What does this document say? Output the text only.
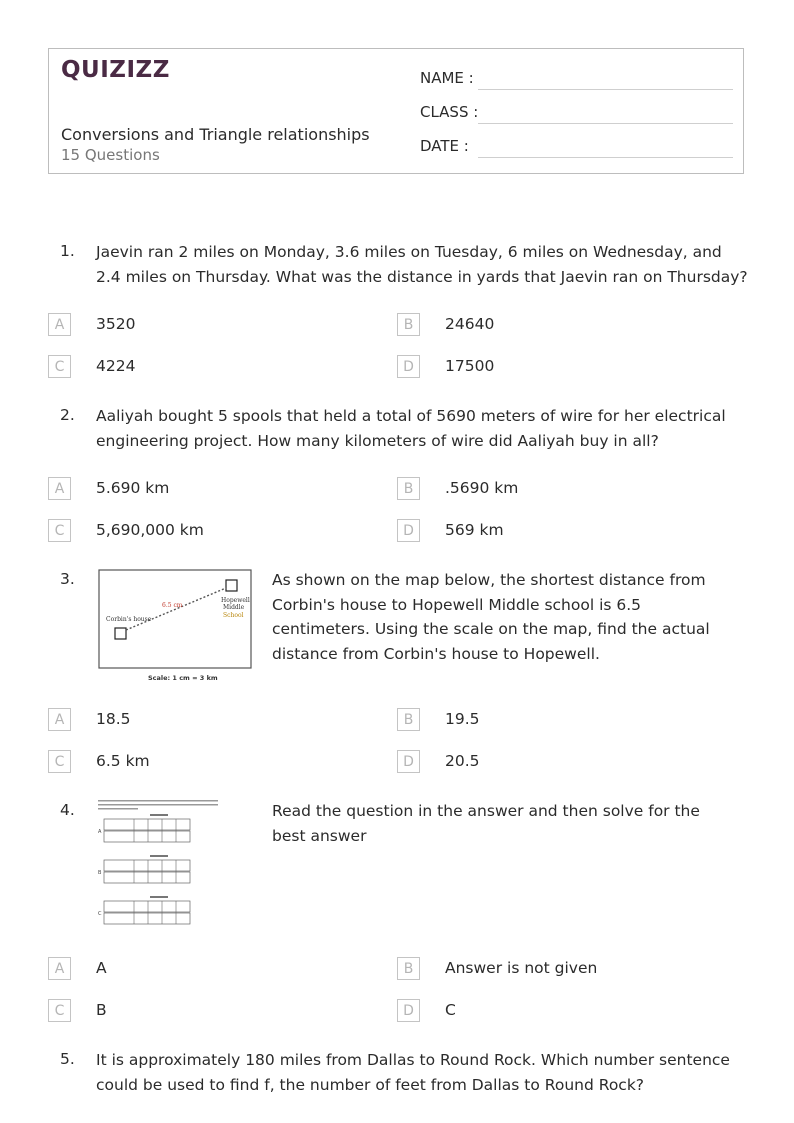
QUIZIZZ
Conversions and Triangle relationships
15 Questions
NAME :
CLASS :
DATE :
1. Jaevin ran 2 miles on Monday, 3.6 miles on Tuesday, 6 miles on Wednesday, and 2.4 miles on Thursday. What was the distance in yards that Jaevin ran on Thursday?
A	3520	B	24640
C	4224	D	17500
2. Aaliyah bought 5 spools that held a total of 5690 meters of wire for her electrical engineering project. How many kilometers of wire did Aaliyah buy in all?
A	5.690 km	B	.5690 km
C	5,690,000 km	D	569 km
3.
6.5 cm
Corbin's house
Hopewell
Middle
School
Scale: 1 cm = 3 km
As shown on the map below, the shortest distance from Corbin's house to Hopewell Middle school is 6.5 centimeters. Using the scale on the map, find the actual distance from Corbin's house to Hopewell.
A	18.5	B	19.5
C	6.5 km	D	20.5
4.
A
B
C
Read the question in the answer and then solve for the best answer
A	A	B	Answer is not given
C	B	D	C
5. It is approximately 180 miles from Dallas to Round Rock. Which number sentence could be used to find f, the number of feet from Dallas to Round Rock?
